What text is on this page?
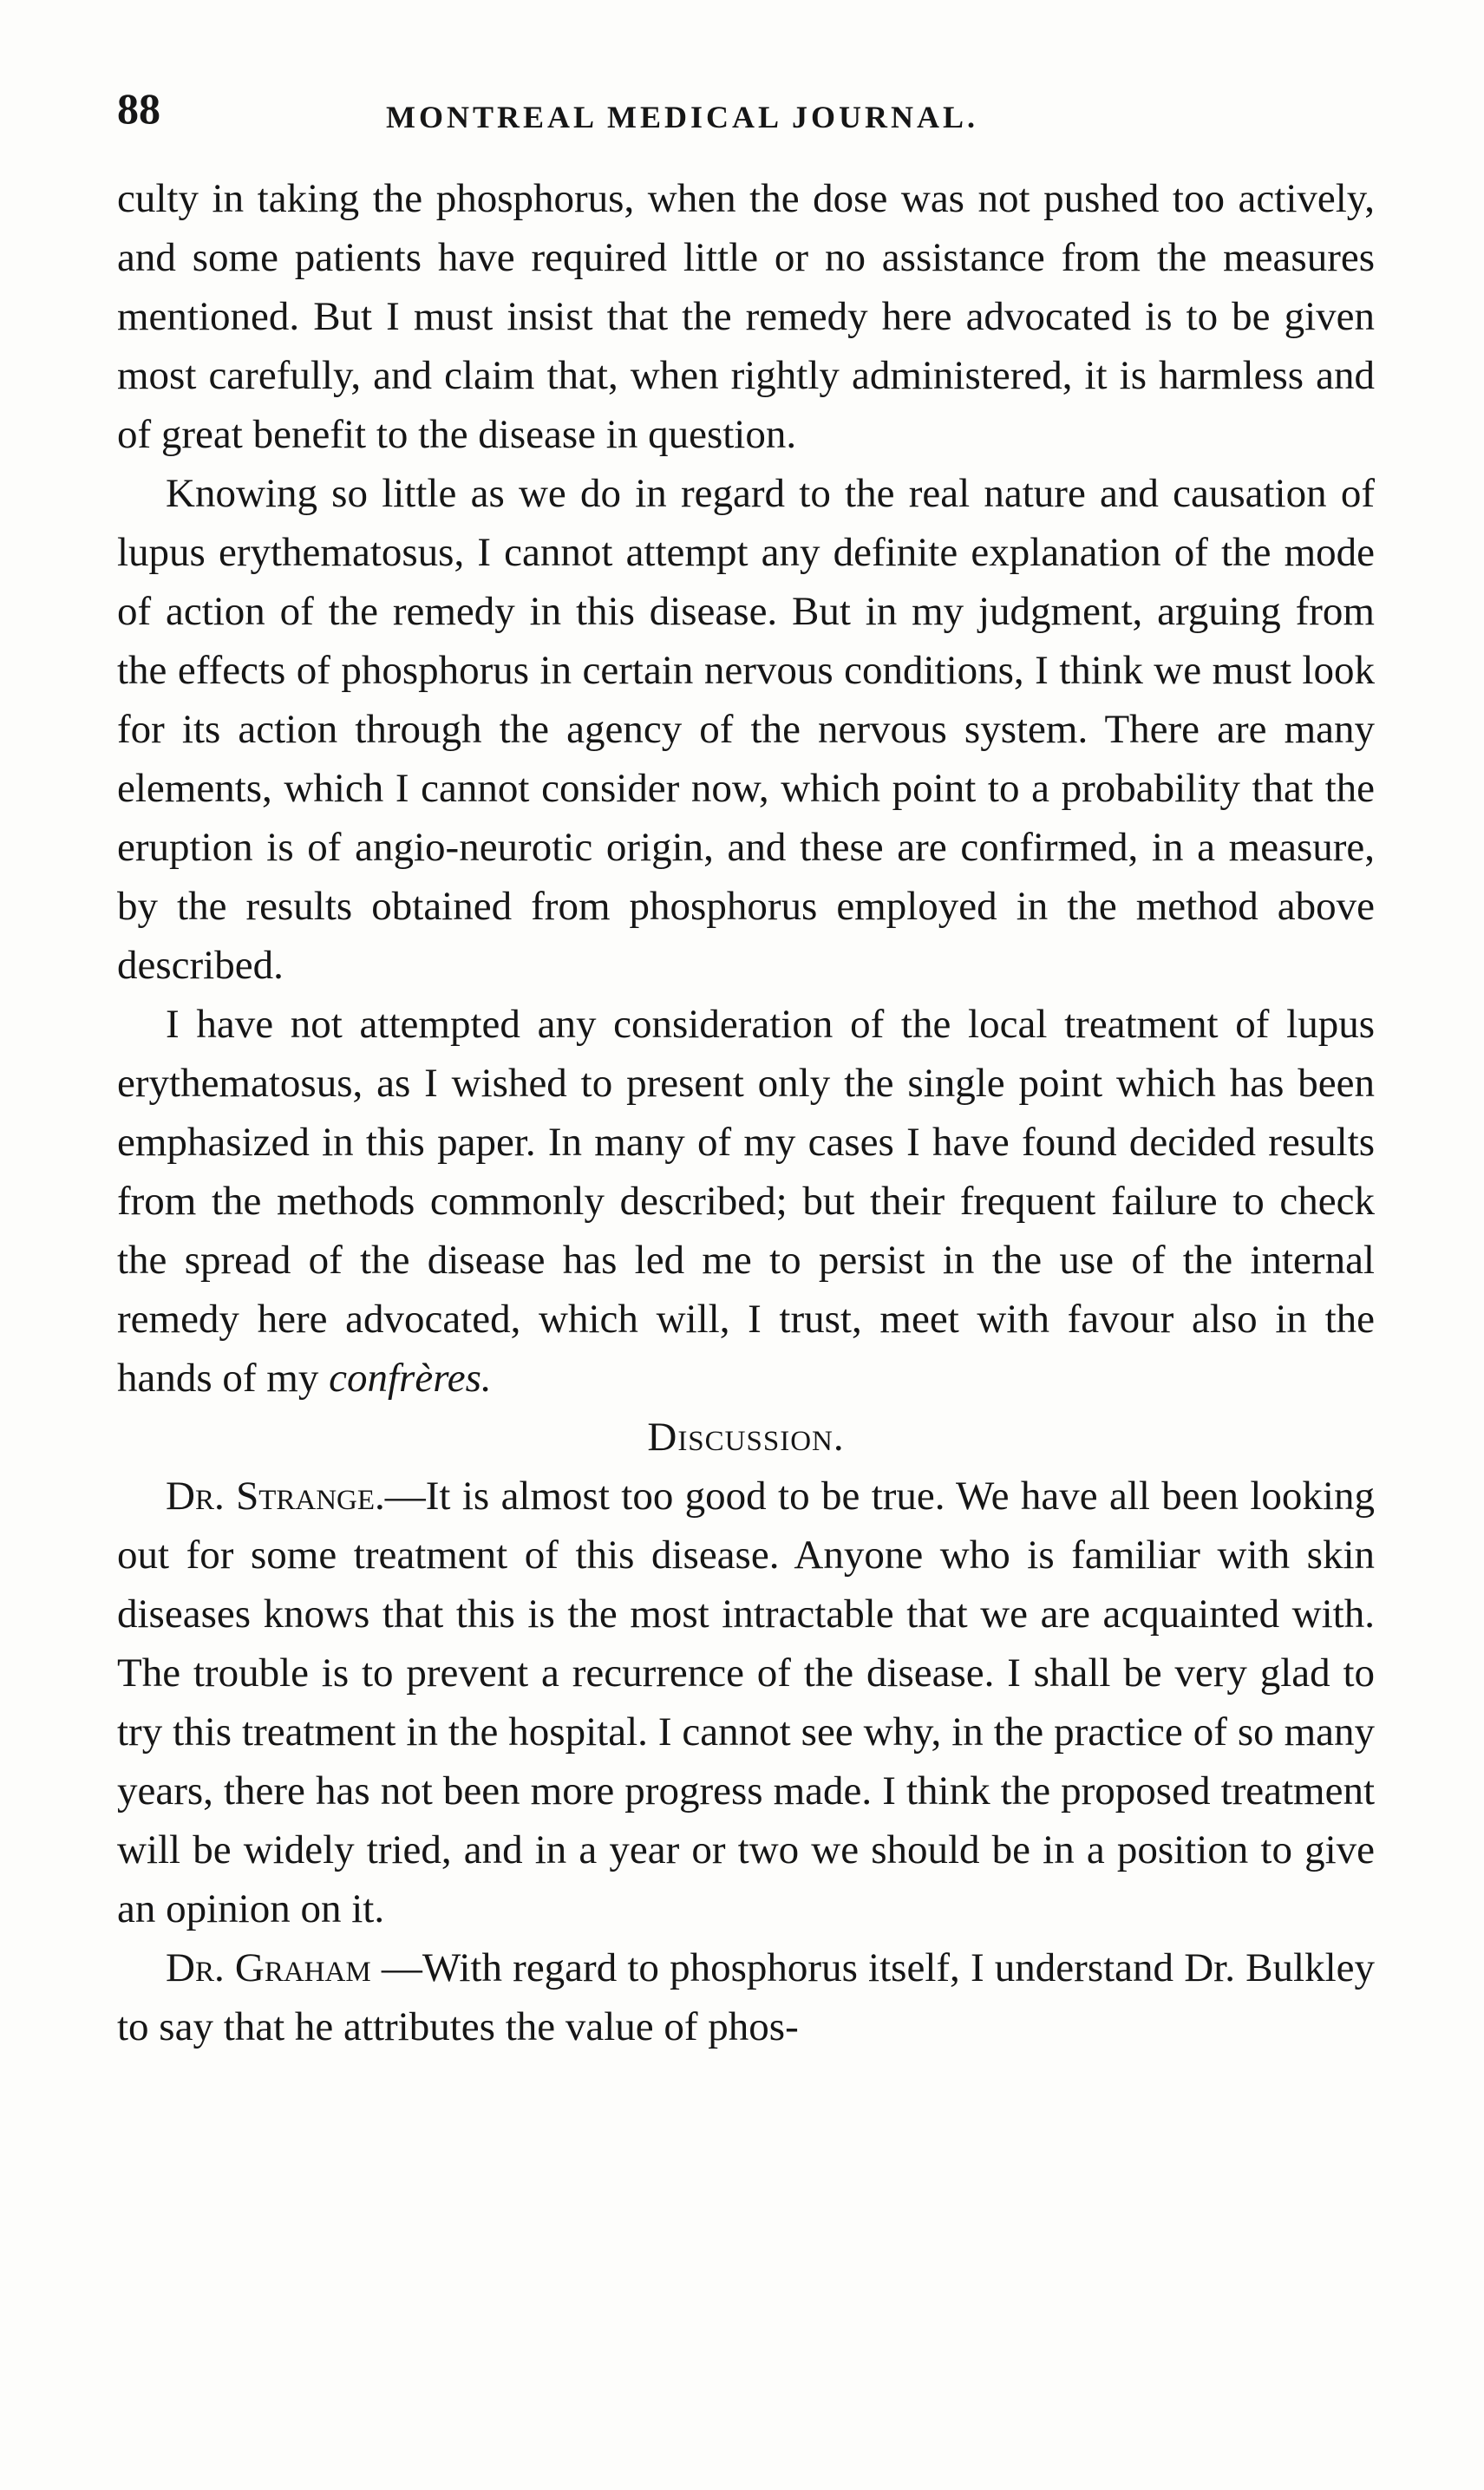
88	MONTREAL MEDICAL JOURNAL.

culty in taking the phosphorus, when the dose was not pushed too actively, and some patients have required little or no assistance from the measures mentioned. But I must insist that the remedy here advocated is to be given most carefully, and claim that, when rightly administered, it is harmless and of great benefit to the disease in question.

Knowing so little as we do in regard to the real nature and causation of lupus erythematosus, I cannot attempt any definite explanation of the mode of action of the remedy in this disease. But in my judgment, arguing from the effects of phosphorus in certain nervous conditions, I think we must look for its action through the agency of the nervous system. There are many elements, which I cannot consider now, which point to a probability that the eruption is of angio-neurotic origin, and these are confirmed, in a measure, by the results obtained from phosphorus employed in the method above described.

I have not attempted any consideration of the local treatment of lupus erythematosus, as I wished to present only the single point which has been emphasized in this paper. In many of my cases I have found decided results from the methods commonly described; but their frequent failure to check the spread of the disease has led me to persist in the use of the internal remedy here advocated, which will, I trust, meet with favour also in the hands of my confrères.

Discussion.

Dr. Strange.—It is almost too good to be true. We have all been looking out for some treatment of this disease. Anyone who is familiar with skin diseases knows that this is the most intractable that we are acquainted with. The trouble is to prevent a recurrence of the disease. I shall be very glad to try this treatment in the hospital. I cannot see why, in the practice of so many years, there has not been more progress made. I think the proposed treatment will be widely tried, and in a year or two we should be in a position to give an opinion on it.

Dr. Graham —With regard to phosphorus itself, I understand Dr. Bulkley to say that he attributes the value of phos-
